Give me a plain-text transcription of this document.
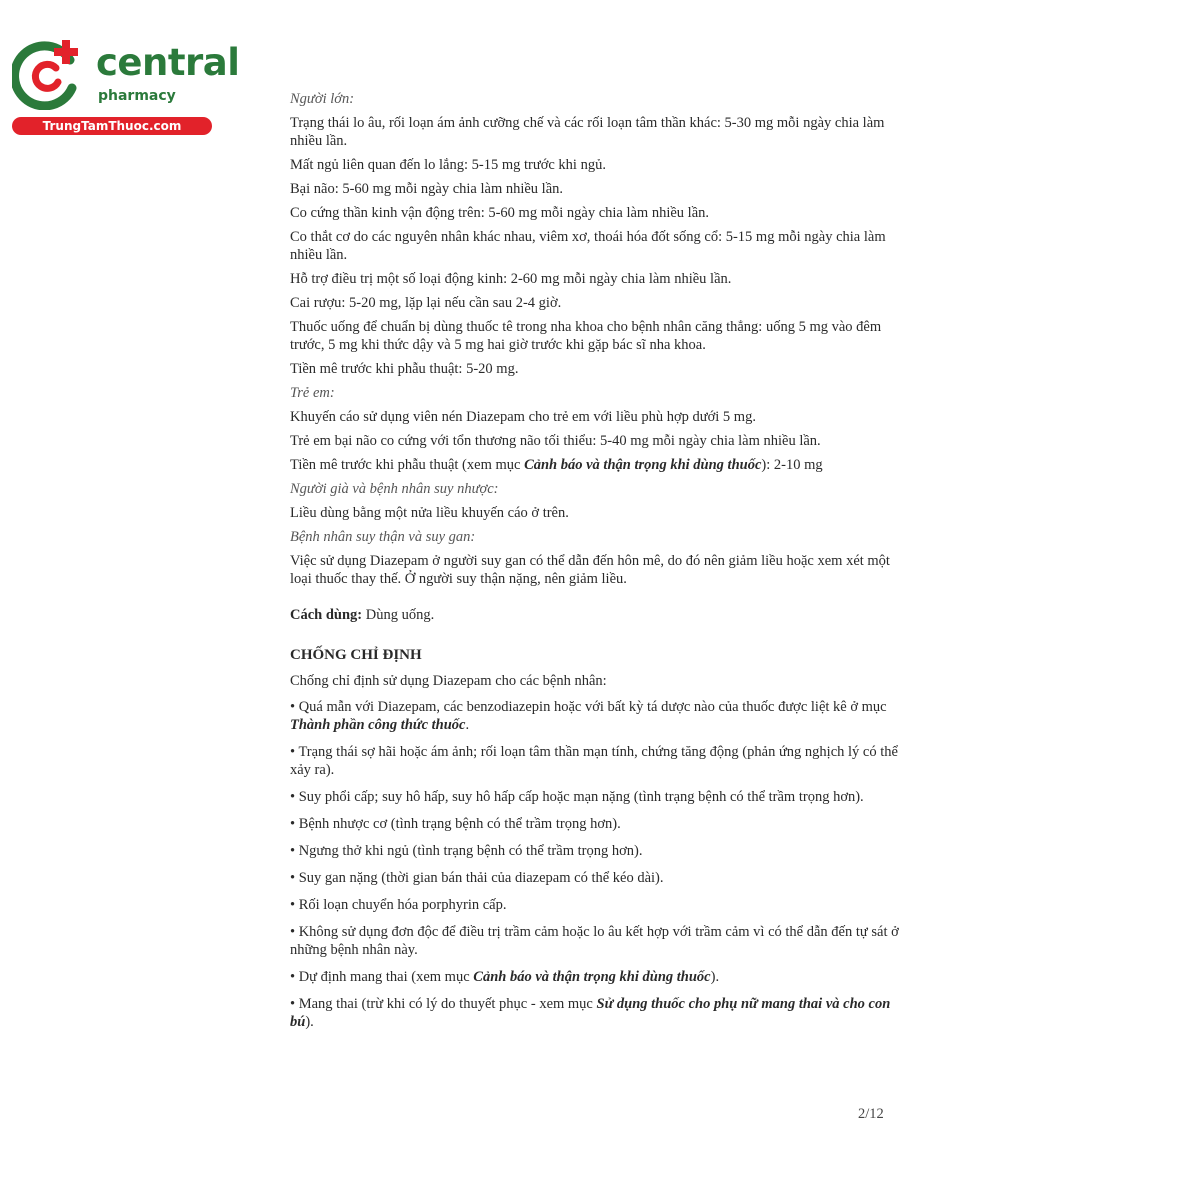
central
pharmacy
TrungTamThuoc.com

Người lớn:

Trạng thái lo âu, rối loạn ám ảnh cưỡng chế và các rối loạn tâm thần khác: 5-30 mg mỗi ngày chia làm nhiều lần.

Mất ngủ liên quan đến lo lắng: 5-15 mg trước khi ngủ.

Bại não: 5-60 mg mỗi ngày chia làm nhiều lần.

Co cứng thần kinh vận động trên: 5-60 mg mỗi ngày chia làm nhiều lần.

Co thắt cơ do các nguyên nhân khác nhau, viêm xơ, thoái hóa đốt sống cổ: 5-15 mg mỗi ngày chia làm nhiều lần.

Hỗ trợ điều trị một số loại động kinh: 2-60 mg mỗi ngày chia làm nhiều lần.

Cai rượu: 5-20 mg, lặp lại nếu cần sau 2-4 giờ.

Thuốc uống để chuẩn bị dùng thuốc tê trong nha khoa cho bệnh nhân căng thẳng: uống 5 mg vào đêm trước, 5 mg khi thức dậy và 5 mg hai giờ trước khi gặp bác sĩ nha khoa.

Tiền mê trước khi phẫu thuật: 5-20 mg.

Trẻ em:

Khuyến cáo sử dụng viên nén Diazepam cho trẻ em với liều phù hợp dưới 5 mg.

Trẻ em bại não co cứng với tổn thương não tối thiểu: 5-40 mg mỗi ngày chia làm nhiều lần.

Tiền mê trước khi phẫu thuật (xem mục Cảnh báo và thận trọng khi dùng thuốc): 2-10 mg

Người già và bệnh nhân suy nhược:

Liều dùng bằng một nửa liều khuyến cáo ở trên.

Bệnh nhân suy thận và suy gan:

Việc sử dụng Diazepam ở người suy gan có thể dẫn đến hôn mê, do đó nên giảm liều hoặc xem xét một loại thuốc thay thế. Ở người suy thận nặng, nên giảm liều.

Cách dùng: Dùng uống.

CHỐNG CHỈ ĐỊNH

Chống chỉ định sử dụng Diazepam cho các bệnh nhân:

• Quá mẫn với Diazepam, các benzodiazepin hoặc với bất kỳ tá dược nào của thuốc được liệt kê ở mục Thành phần công thức thuốc.

• Trạng thái sợ hãi hoặc ám ảnh; rối loạn tâm thần mạn tính, chứng tăng động (phản ứng nghịch lý có thể xảy ra).

• Suy phổi cấp; suy hô hấp, suy hô hấp cấp hoặc mạn nặng (tình trạng bệnh có thể trầm trọng hơn).

• Bệnh nhược cơ (tình trạng bệnh có thể trầm trọng hơn).

• Ngưng thở khi ngủ (tình trạng bệnh có thể trầm trọng hơn).

• Suy gan nặng (thời gian bán thải của diazepam có thể kéo dài).

• Rối loạn chuyển hóa porphyrin cấp.

• Không sử dụng đơn độc để điều trị trầm cảm hoặc lo âu kết hợp với trầm cảm vì có thể dẫn đến tự sát ở những bệnh nhân này.

• Dự định mang thai (xem mục Cảnh báo và thận trọng khi dùng thuốc).

• Mang thai (trừ khi có lý do thuyết phục - xem mục Sử dụng thuốc cho phụ nữ mang thai và cho con bú).

2/12
